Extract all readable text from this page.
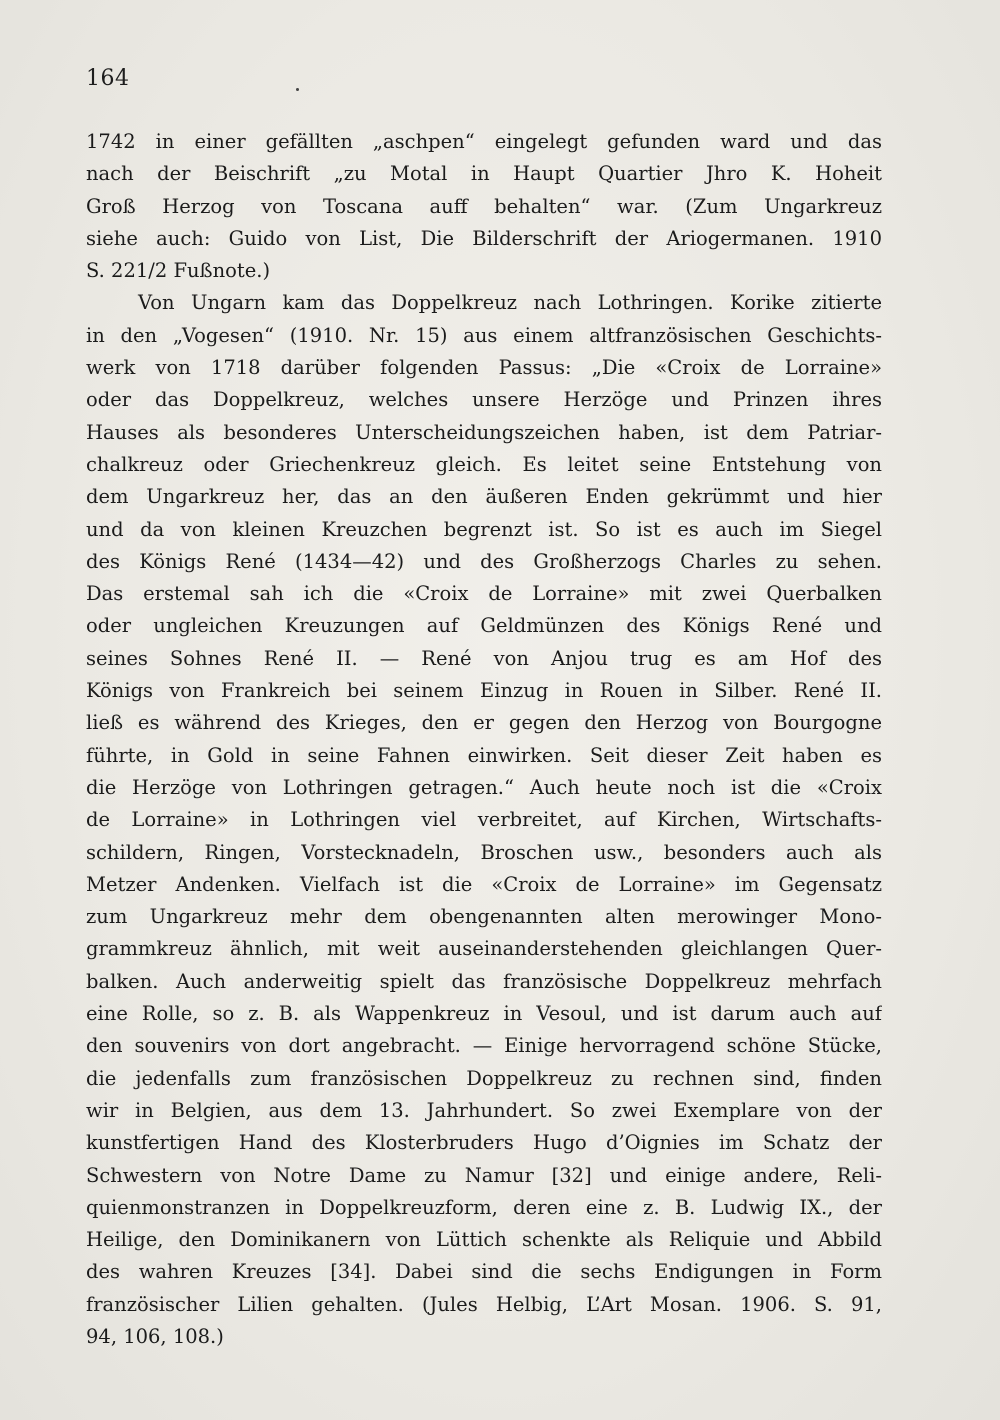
164
1742 in einer gefällten „aschpen“ eingelegt gefunden ward und das
nach der Beischrift „zu Motal in Haupt Quartier Jhro K. Hoheit
Groß Herzog von Toscana auff behalten“ war. (Zum Ungarkreuz
siehe auch: Guido von List, Die Bilderschrift der Ariogermanen. 1910
S. 221/2 Fußnote.)
Von Ungarn kam das Doppelkreuz nach Lothringen. Korike zitierte
in den „Vogesen“ (1910. Nr. 15) aus einem altfranzösischen Geschichts-
werk von 1718 darüber folgenden Passus: „Die «Croix de Lorraine»
oder das Doppelkreuz, welches unsere Herzöge und Prinzen ihres
Hauses als besonderes Unterscheidungszeichen haben, ist dem Patriar-
chalkreuz oder Griechenkreuz gleich. Es leitet seine Entstehung von
dem Ungarkreuz her, das an den äußeren Enden gekrümmt und hier
und da von kleinen Kreuzchen begrenzt ist. So ist es auch im Siegel
des Königs René (1434—42) und des Großherzogs Charles zu sehen.
Das erstemal sah ich die «Croix de Lorraine» mit zwei Querbalken
oder ungleichen Kreuzungen auf Geldmünzen des Königs René und
seines Sohnes René II. — René von Anjou trug es am Hof des
Königs von Frankreich bei seinem Einzug in Rouen in Silber. René II.
ließ es während des Krieges, den er gegen den Herzog von Bourgogne
führte, in Gold in seine Fahnen einwirken. Seit dieser Zeit haben es
die Herzöge von Lothringen getragen.“ Auch heute noch ist die «Croix
de Lorraine» in Lothringen viel verbreitet, auf Kirchen, Wirtschafts-
schildern, Ringen, Vorstecknadeln, Broschen usw., besonders auch als
Metzer Andenken. Vielfach ist die «Croix de Lorraine» im Gegensatz
zum Ungarkreuz mehr dem obengenannten alten merowinger Mono-
grammkreuz ähnlich, mit weit auseinanderstehenden gleichlangen Quer-
balken. Auch anderweitig spielt das französische Doppelkreuz mehrfach
eine Rolle, so z. B. als Wappenkreuz in Vesoul, und ist darum auch auf
den souvenirs von dort angebracht. — Einige hervorragend schöne Stücke,
die jedenfalls zum französischen Doppelkreuz zu rechnen sind, finden
wir in Belgien, aus dem 13. Jahrhundert. So zwei Exemplare von der
kunstfertigen Hand des Klosterbruders Hugo d’Oignies im Schatz der
Schwestern von Notre Dame zu Namur [32] und einige andere, Reli-
quienmonstranzen in Doppelkreuzform, deren eine z. B. Ludwig IX., der
Heilige, den Dominikanern von Lüttich schenkte als Reliquie und Abbild
des wahren Kreuzes [34]. Dabei sind die sechs Endigungen in Form
französischer Lilien gehalten. (Jules Helbig, L’Art Mosan. 1906. S. 91,
94, 106, 108.)
